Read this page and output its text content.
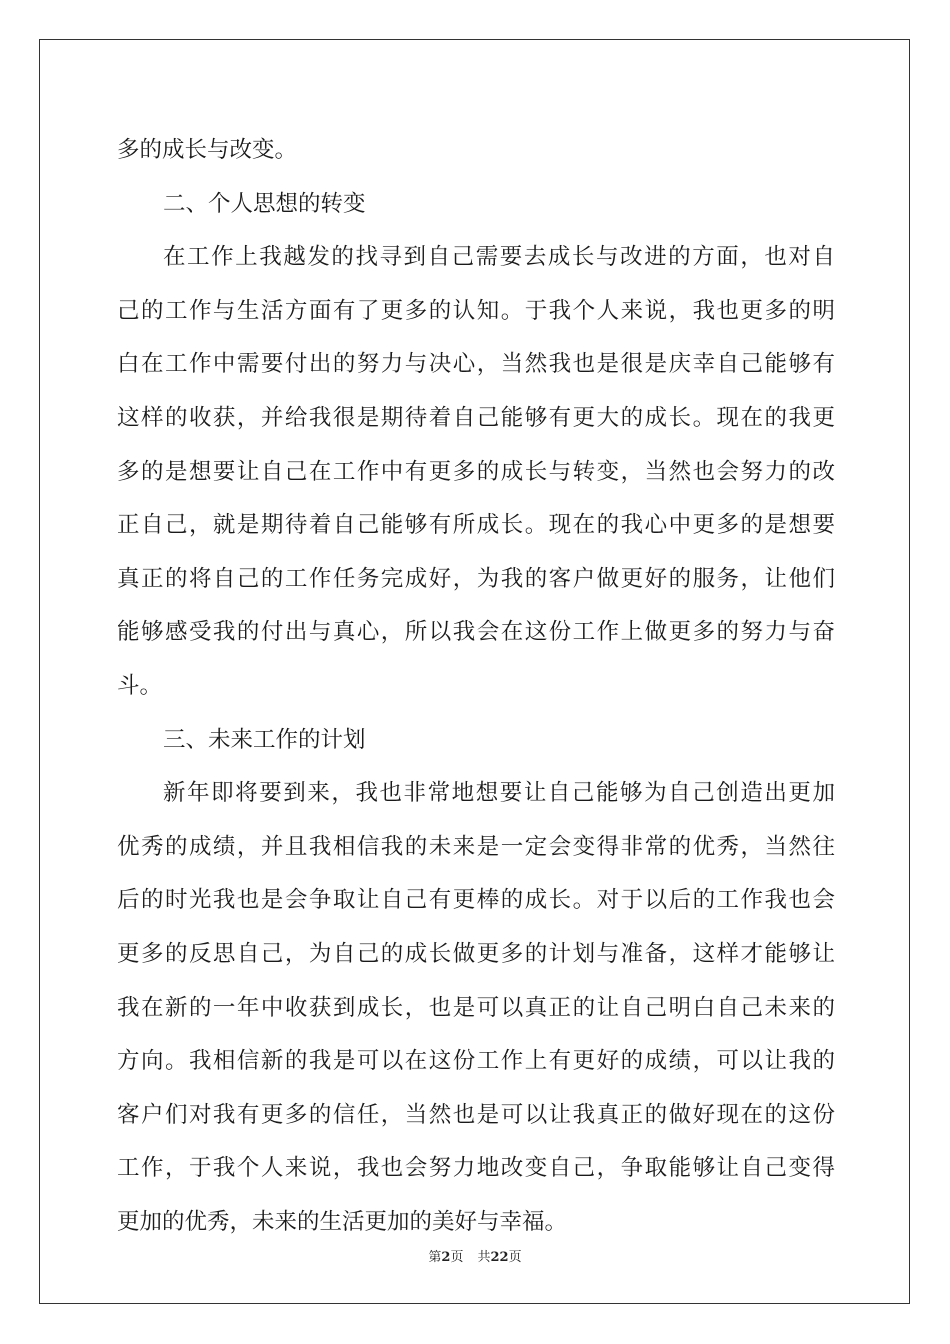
多的成长与改变。
二、个人思想的转变
在工作上我越发的找寻到自己需要去成长与改进的方面，也对自
己的工作与生活方面有了更多的认知。于我个人来说，我也更多的明
白在工作中需要付出的努力与决心，当然我也是很是庆幸自己能够有
这样的收获，并给我很是期待着自己能够有更大的成长。现在的我更
多的是想要让自己在工作中有更多的成长与转变，当然也会努力的改
正自己，就是期待着自己能够有所成长。现在的我心中更多的是想要
真正的将自己的工作任务完成好，为我的客户做更好的服务，让他们
能够感受我的付出与真心，所以我会在这份工作上做更多的努力与奋
斗。
三、未来工作的计划
新年即将要到来，我也非常地想要让自己能够为自己创造出更加
优秀的成绩，并且我相信我的未来是一定会变得非常的优秀，当然往
后的时光我也是会争取让自己有更棒的成长。对于以后的工作我也会
更多的反思自己，为自己的成长做更多的计划与准备，这样才能够让
我在新的一年中收获到成长，也是可以真正的让自己明白自己未来的
方向。我相信新的我是可以在这份工作上有更好的成绩，可以让我的
客户们对我有更多的信任，当然也是可以让我真正的做好现在的这份
工作，于我个人来说，我也会努力地改变自己，争取能够让自己变得
更加的优秀，未来的生活更加的美好与幸福。
第2页 共22页
